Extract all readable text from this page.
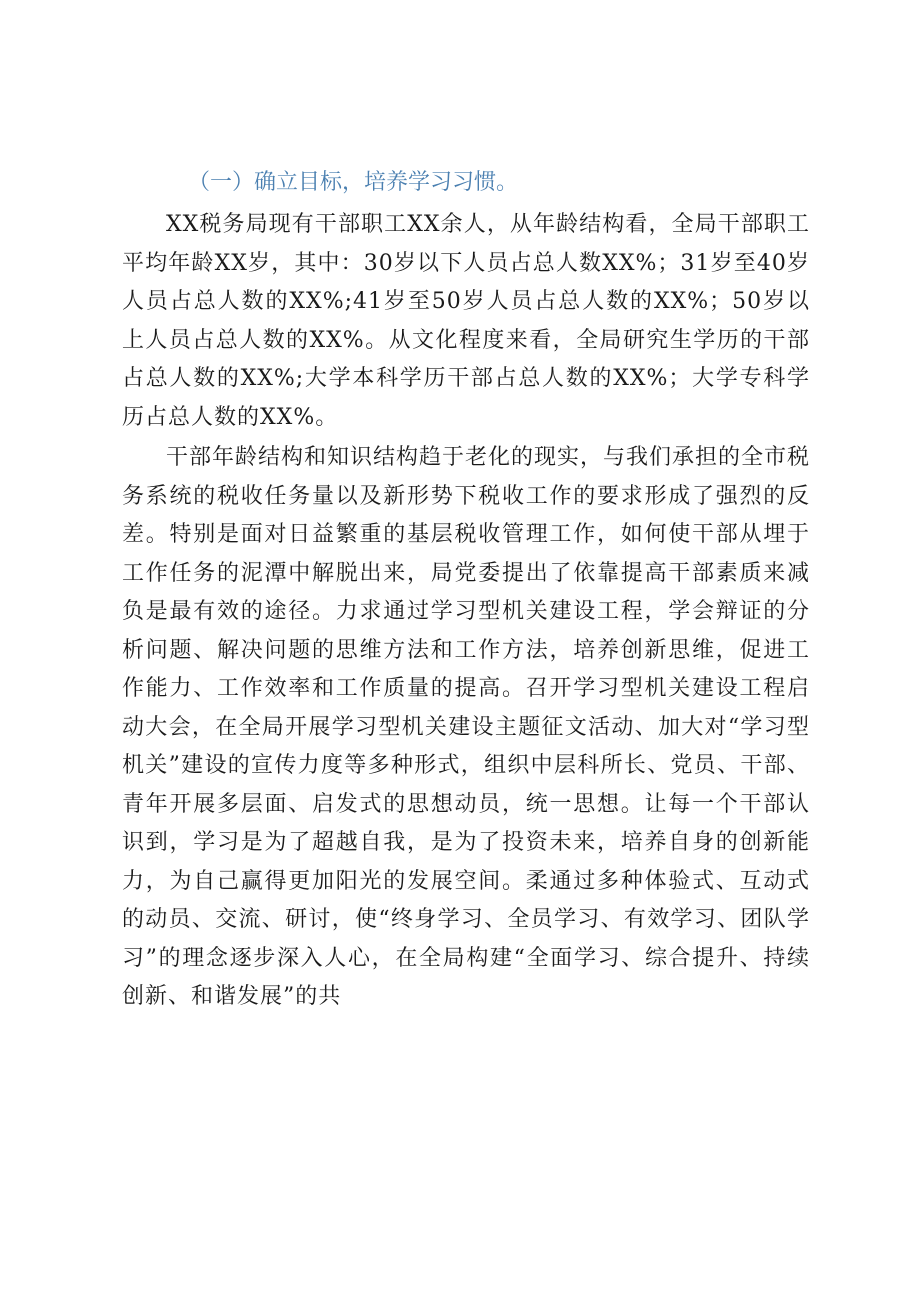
（一）确立目标，培养学习习惯。

XX税务局现有干部职工XX余人，从年龄结构看，全局干部职工平均年龄XX岁，其中：30岁以下人员占总人数XX%；31岁至40岁人员占总人数的XX%;41岁至50岁人员占总人数的XX%；50岁以上人员占总人数的XX%。从文化程度来看，全局研究生学历的干部占总人数的XX%;大学本科学历干部占总人数的XX%；大学专科学历占总人数的XX%。

干部年龄结构和知识结构趋于老化的现实，与我们承担的全市税务系统的税收任务量以及新形势下税收工作的要求形成了强烈的反差。特别是面对日益繁重的基层税收管理工作，如何使干部从埋于工作任务的泥潭中解脱出来，局党委提出了依靠提高干部素质来减负是最有效的途径。力求通过学习型机关建设工程，学会辩证的分析问题、解决问题的思维方法和工作方法，培养创新思维，促进工作能力、工作效率和工作质量的提高。召开学习型机关建设工程启动大会，在全局开展学习型机关建设主题征文活动、加大对“学习型机关”建设的宣传力度等多种形式，组织中层科所长、党员、干部、青年开展多层面、启发式的思想动员，统一思想。让每一个干部认识到，学习是为了超越自我，是为了投资未来，培养自身的创新能力，为自己赢得更加阳光的发展空间。柔通过多种体验式、互动式的动员、交流、研讨，使“终身学习、全员学习、有效学习、团队学习”的理念逐步深入人心，在全局构建“全面学习、综合提升、持续创新、和谐发展”的共
